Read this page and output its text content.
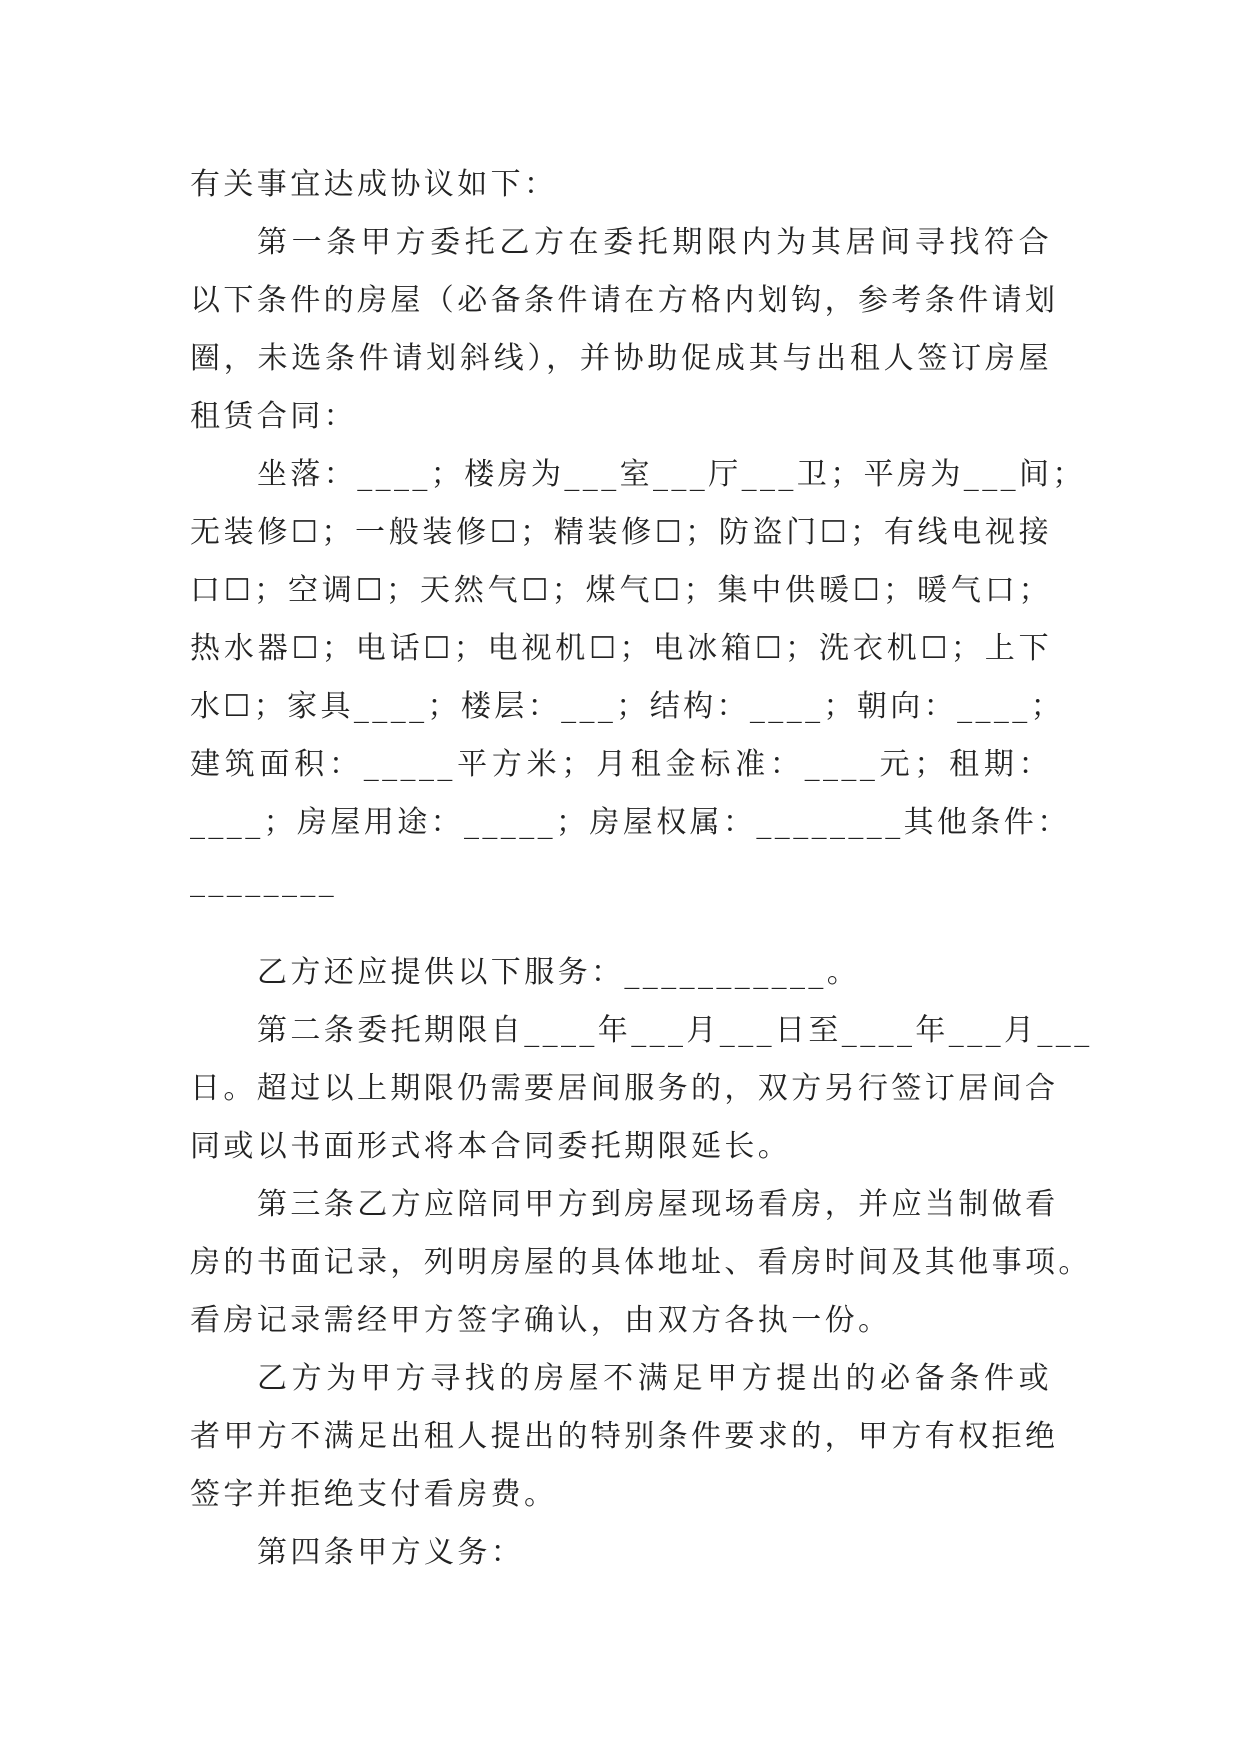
有关事宜达成协议如下：
第一条甲方委托乙方在委托期限内为其居间寻找符合
以下条件的房屋（必备条件请在方格内划钩，参考条件请划
圈，未选条件请划斜线），并协助促成其与出租人签订房屋
租赁合同：
坐落：____；楼房为___室___厅___卫；平房为___间；
无装修☐；一般装修☐；精装修☐；防盗门☐；有线电视接
口☐；空调☐；天然气☐；煤气☐；集中供暖☐；暖气口；
热水器☐；电话☐；电视机☐；电冰箱☐；洗衣机☐；上下
水☐；家具____；楼层：___；结构：____；朝向：____；
建筑面积：_____平方米；月租金标准：____元；租期：
____；房屋用途：_____；房屋权属：________其他条件：
________
乙方还应提供以下服务：___________。
第二条委托期限自____年___月___日至____年___月___
日。超过以上期限仍需要居间服务的，双方另行签订居间合
同或以书面形式将本合同委托期限延长。
第三条乙方应陪同甲方到房屋现场看房，并应当制做看
房的书面记录，列明房屋的具体地址、看房时间及其他事项。
看房记录需经甲方签字确认，由双方各执一份。
乙方为甲方寻找的房屋不满足甲方提出的必备条件或
者甲方不满足出租人提出的特别条件要求的，甲方有权拒绝
签字并拒绝支付看房费。
第四条甲方义务：
